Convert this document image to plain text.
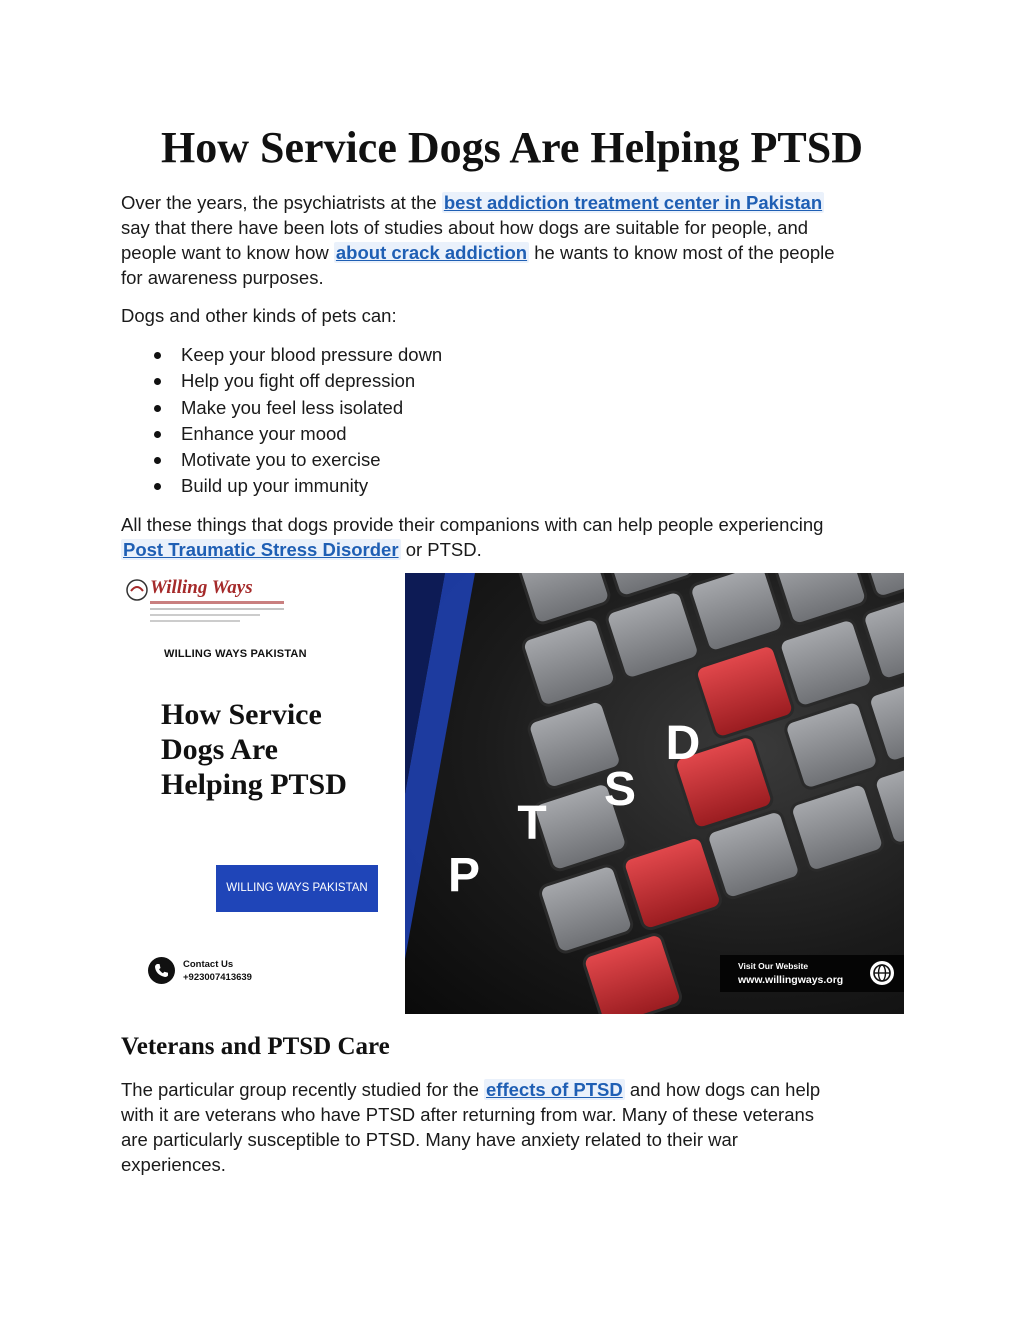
How Service Dogs Are Helping PTSD

Over the years, the psychiatrists at the best addiction treatment center in Pakistan
say that there have been lots of studies about how dogs are suitable for people, and
people want to know how about crack addiction he wants to know most of the people
for awareness purposes.

Dogs and other kinds of pets can:

Keep your blood pressure down
Help you fight off depression
Make you feel less isolated
Enhance your mood
Motivate you to exercise
Build up your immunity

All these things that dogs provide their companions with can help people experiencing
Post Traumatic Stress Disorder or PTSD.

Willing Ways
WILLING WAYS PAKISTAN
How Service
Dogs Are
Helping PTSD
WILLING WAYS PAKISTAN
Contact Us
+923007413639
P
T
S
D
Visit Our Website
www.willingways.org
Veterans and PTSD Care

The particular group recently studied for the effects of PTSD and how dogs can help
with it are veterans who have PTSD after returning from war. Many of these veterans
are particularly susceptible to PTSD. Many have anxiety related to their war
experiences.
